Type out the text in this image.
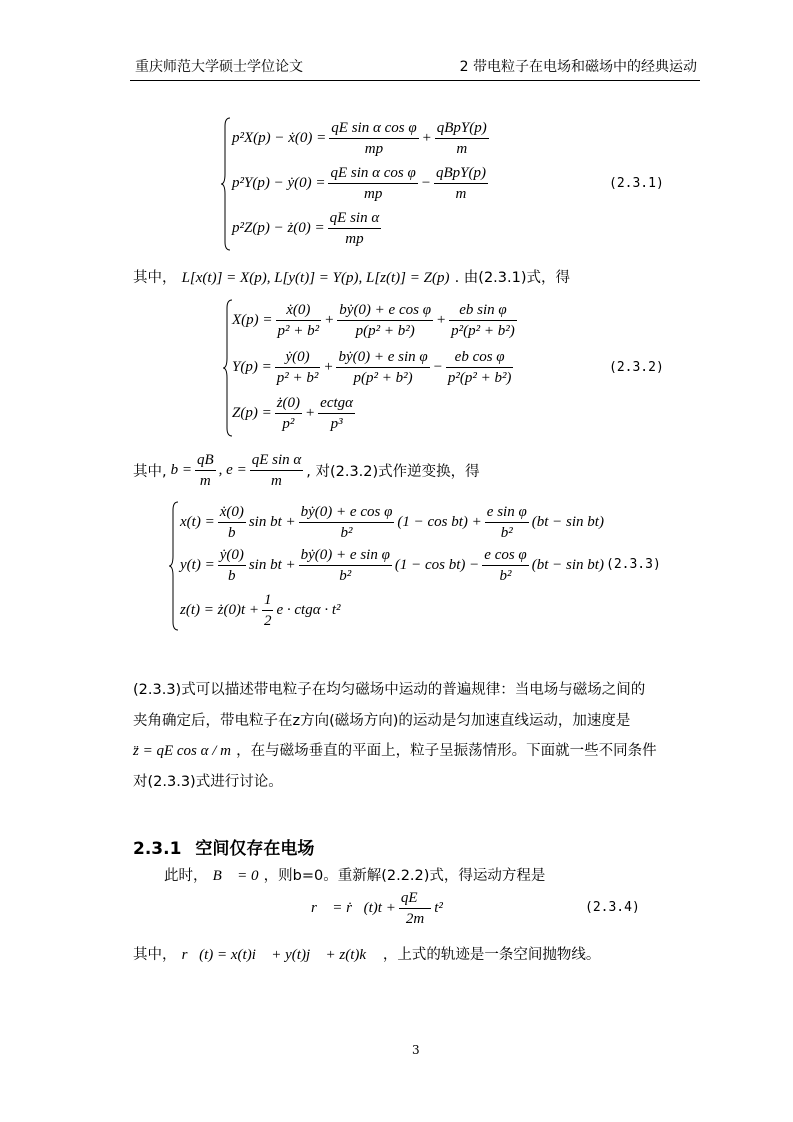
重庆师范大学硕士学位论文	2 带电粒子在电场和磁场中的经典运动
p²X(p) − ẋ(0) = $\frac{\text{qE sin α cos φ}}{mp} + \frac{\text{qBpY(p)}}{m}$
p²Y(p) − ẏ(0) = $\frac{\text{qE sin α cos φ}}{mp} - \frac{\text{qBpY(p)}}{m}$
p²Z(p) − ż(0) = $\frac{\text{qE sin α}}{mp}$
(2.3.1)
其中， L[x(t)] = X(p), L[y(t)] = Y(p), L[z(t)] = Z(p) . 由(2.3.1)式，得
$X(p) = \frac{\text{ẋ(0)}}{\text{p² + b²}} + \frac{\text{bẏ(0) + e cos φ}}{\text{p(p² + b²)}} + \frac{\text{eb sin φ}}{\text{p²(p² + b²)}}$
$Y(p) = \frac{\text{ẏ(0)}}{\text{p² + b²}} + \frac{\text{bẏ(0) + e sin φ}}{\text{p(p² + b²)}} - \frac{\text{eb cos φ}}{\text{p²(p² + b²)}}$
$Z(p) = \frac{ż(0)}{\text{p²}} + \frac{\text{ectgα}}{\text{p³}}$
(2.3.2)
其中, $b = \frac{qB}{m}$ , $e = \frac{\text{qE sin α}}{m}$ , 对(2.3.2)式作逆变换，得
$x(t) = \frac{\text{ẋ(0)}}{b}$ sin bt + $\frac{\text{bẏ(0) + e cos φ}}{\text{b²}} (1 - \cos bt) + \frac{\text{e sin φ}}{\text{b²}} (bt - \sin bt)$
$y(t) = \frac{\text{ẏ(0)}}{b}$ sin bt + $\frac{\text{bẏ(0) + e sin φ}}{\text{b²}} (1 - \cos bt) - \frac{\text{e cos φ}}{\text{b²}} (bt - \sin bt)$
z(t) = ż(0)t + $\frac{1}{2}$ e · ctgα · t²
(2.3.3)
(2.3.3)式可以描述带电粒子在均匀磁场中运动的普遍规律：当电场与磁场之间的
夹角确定后，带电粒子在z方向(磁场方向)的运动是匀加速直线运动，加速度是
z̈ = qE cos α / m ，在与磁场垂直的平面上，粒子呈振荡情形。下面就一些不同条件
对(2.3.3)式进行讨论。
2.3.1 空间仅存在电场
此时， B⃗ = 0 ，则b=0。重新解(2.2.2)式，得运动方程是
r⃗ = ṙ⃗(t)t + $\frac{qE⃗}{2m} t^2$	(2.3.4)
其中， r⃗(t) = x(t)i⃗ + y(t)j⃗ + z(t)k⃗ ，上式的轨迹是一条空间抛物线。
3
